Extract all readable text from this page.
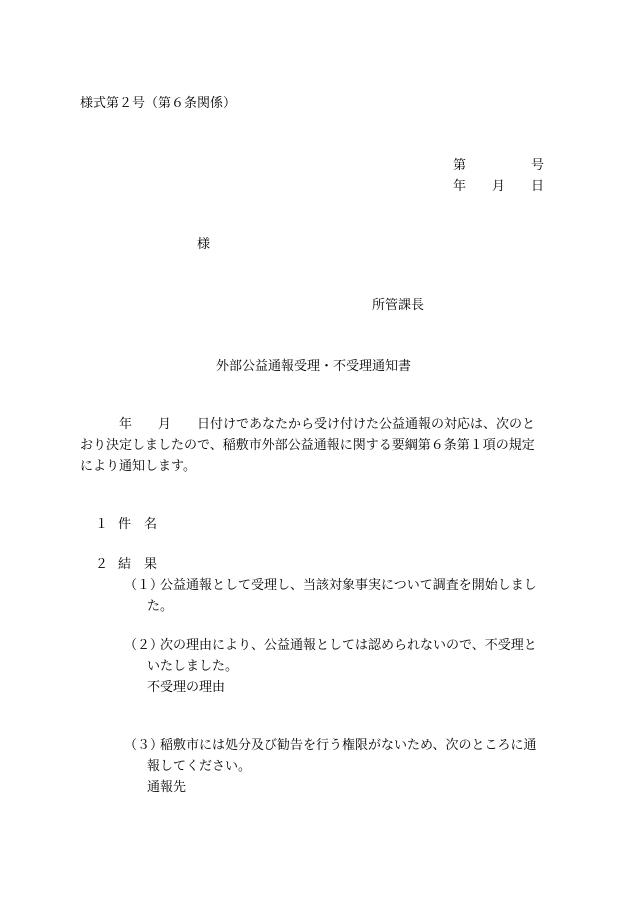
様式第２号（第６条関係）
第　　　　　号
年　　月　　日
様
所管課長
外部公益通報受理・不受理通知書
　　　年　　月　　日付けであなたから受け付けた公益通報の対応は、次のと
おり決定しましたので、稲敷市外部公益通報に関する要綱第６条第１項の規定
により通知します。
１ 件　名
２ 結　果
（１）
公益通報として受理し、当該対象事実について調査を開始しまし
た。
（２）
次の理由により、公益通報としては認められないので、不受理と
いたしました。
不受理の理由
（３）
稲敷市には処分及び勧告を行う権限がないため、次のところに通
報してください。
通報先
